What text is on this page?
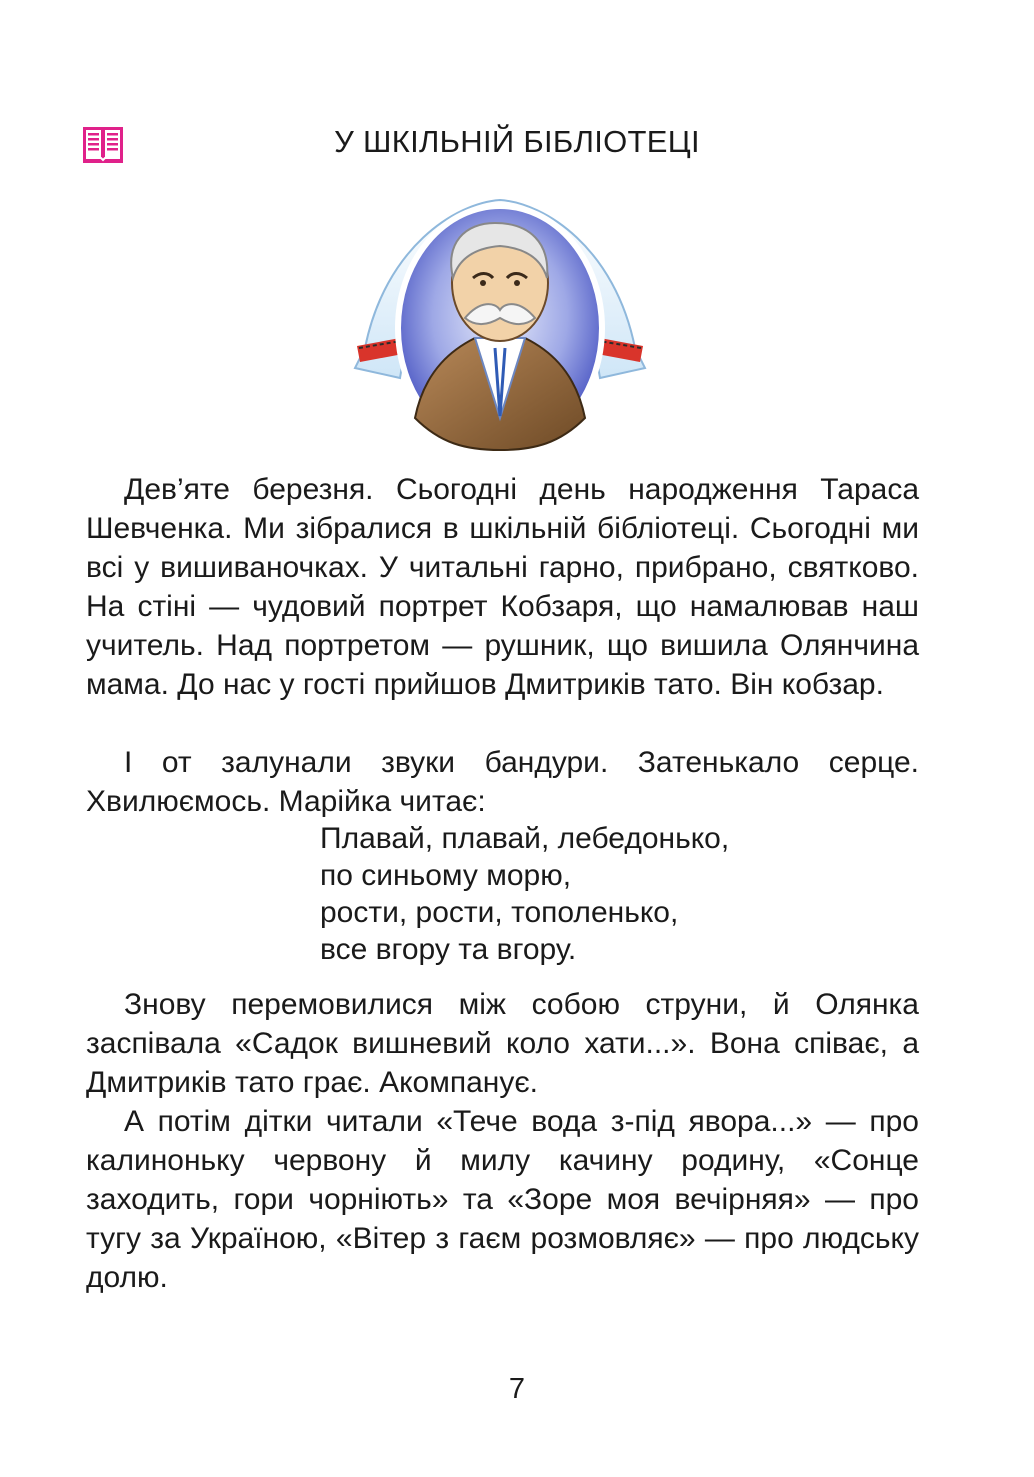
У ШКІЛЬНІЙ БІБЛІОТЕЦІ

Дев’яте березня. Сьогодні день народження Тараса Шевченка. Ми зібралися в шкільній бібліотеці. Сьогодні ми всі у вишиваночках. У читальні гарно, прибрано, святково. На стіні — чудовий портрет Кобзаря, що намалював наш учитель. Над портретом — рушник, що вишила Олянчина мама. До нас у гості прийшов Дмитриків тато. Він кобзар.

І от залунали звуки бандури. Затенькало серце. Хвилюємось. Марійка читає:

Плавай, плавай, лебедонько,
по синьому морю,
рости, рости, тополенько,
все вгору та вгору.

Знову перемовилися між собою струни, й Олянка заспівала «Садок вишневий коло хати...». Вона співає, а Дмитриків тато грає. Акомпанує.

А потім дітки читали «Тече вода з-під явора...» — про калиноньку червону й милу качину родину, «Сонце заходить, гори чорніють» та «Зоре моя вечірняя» — про тугу за Україною, «Вітер з гаєм розмовляє» — про людську долю.

7
